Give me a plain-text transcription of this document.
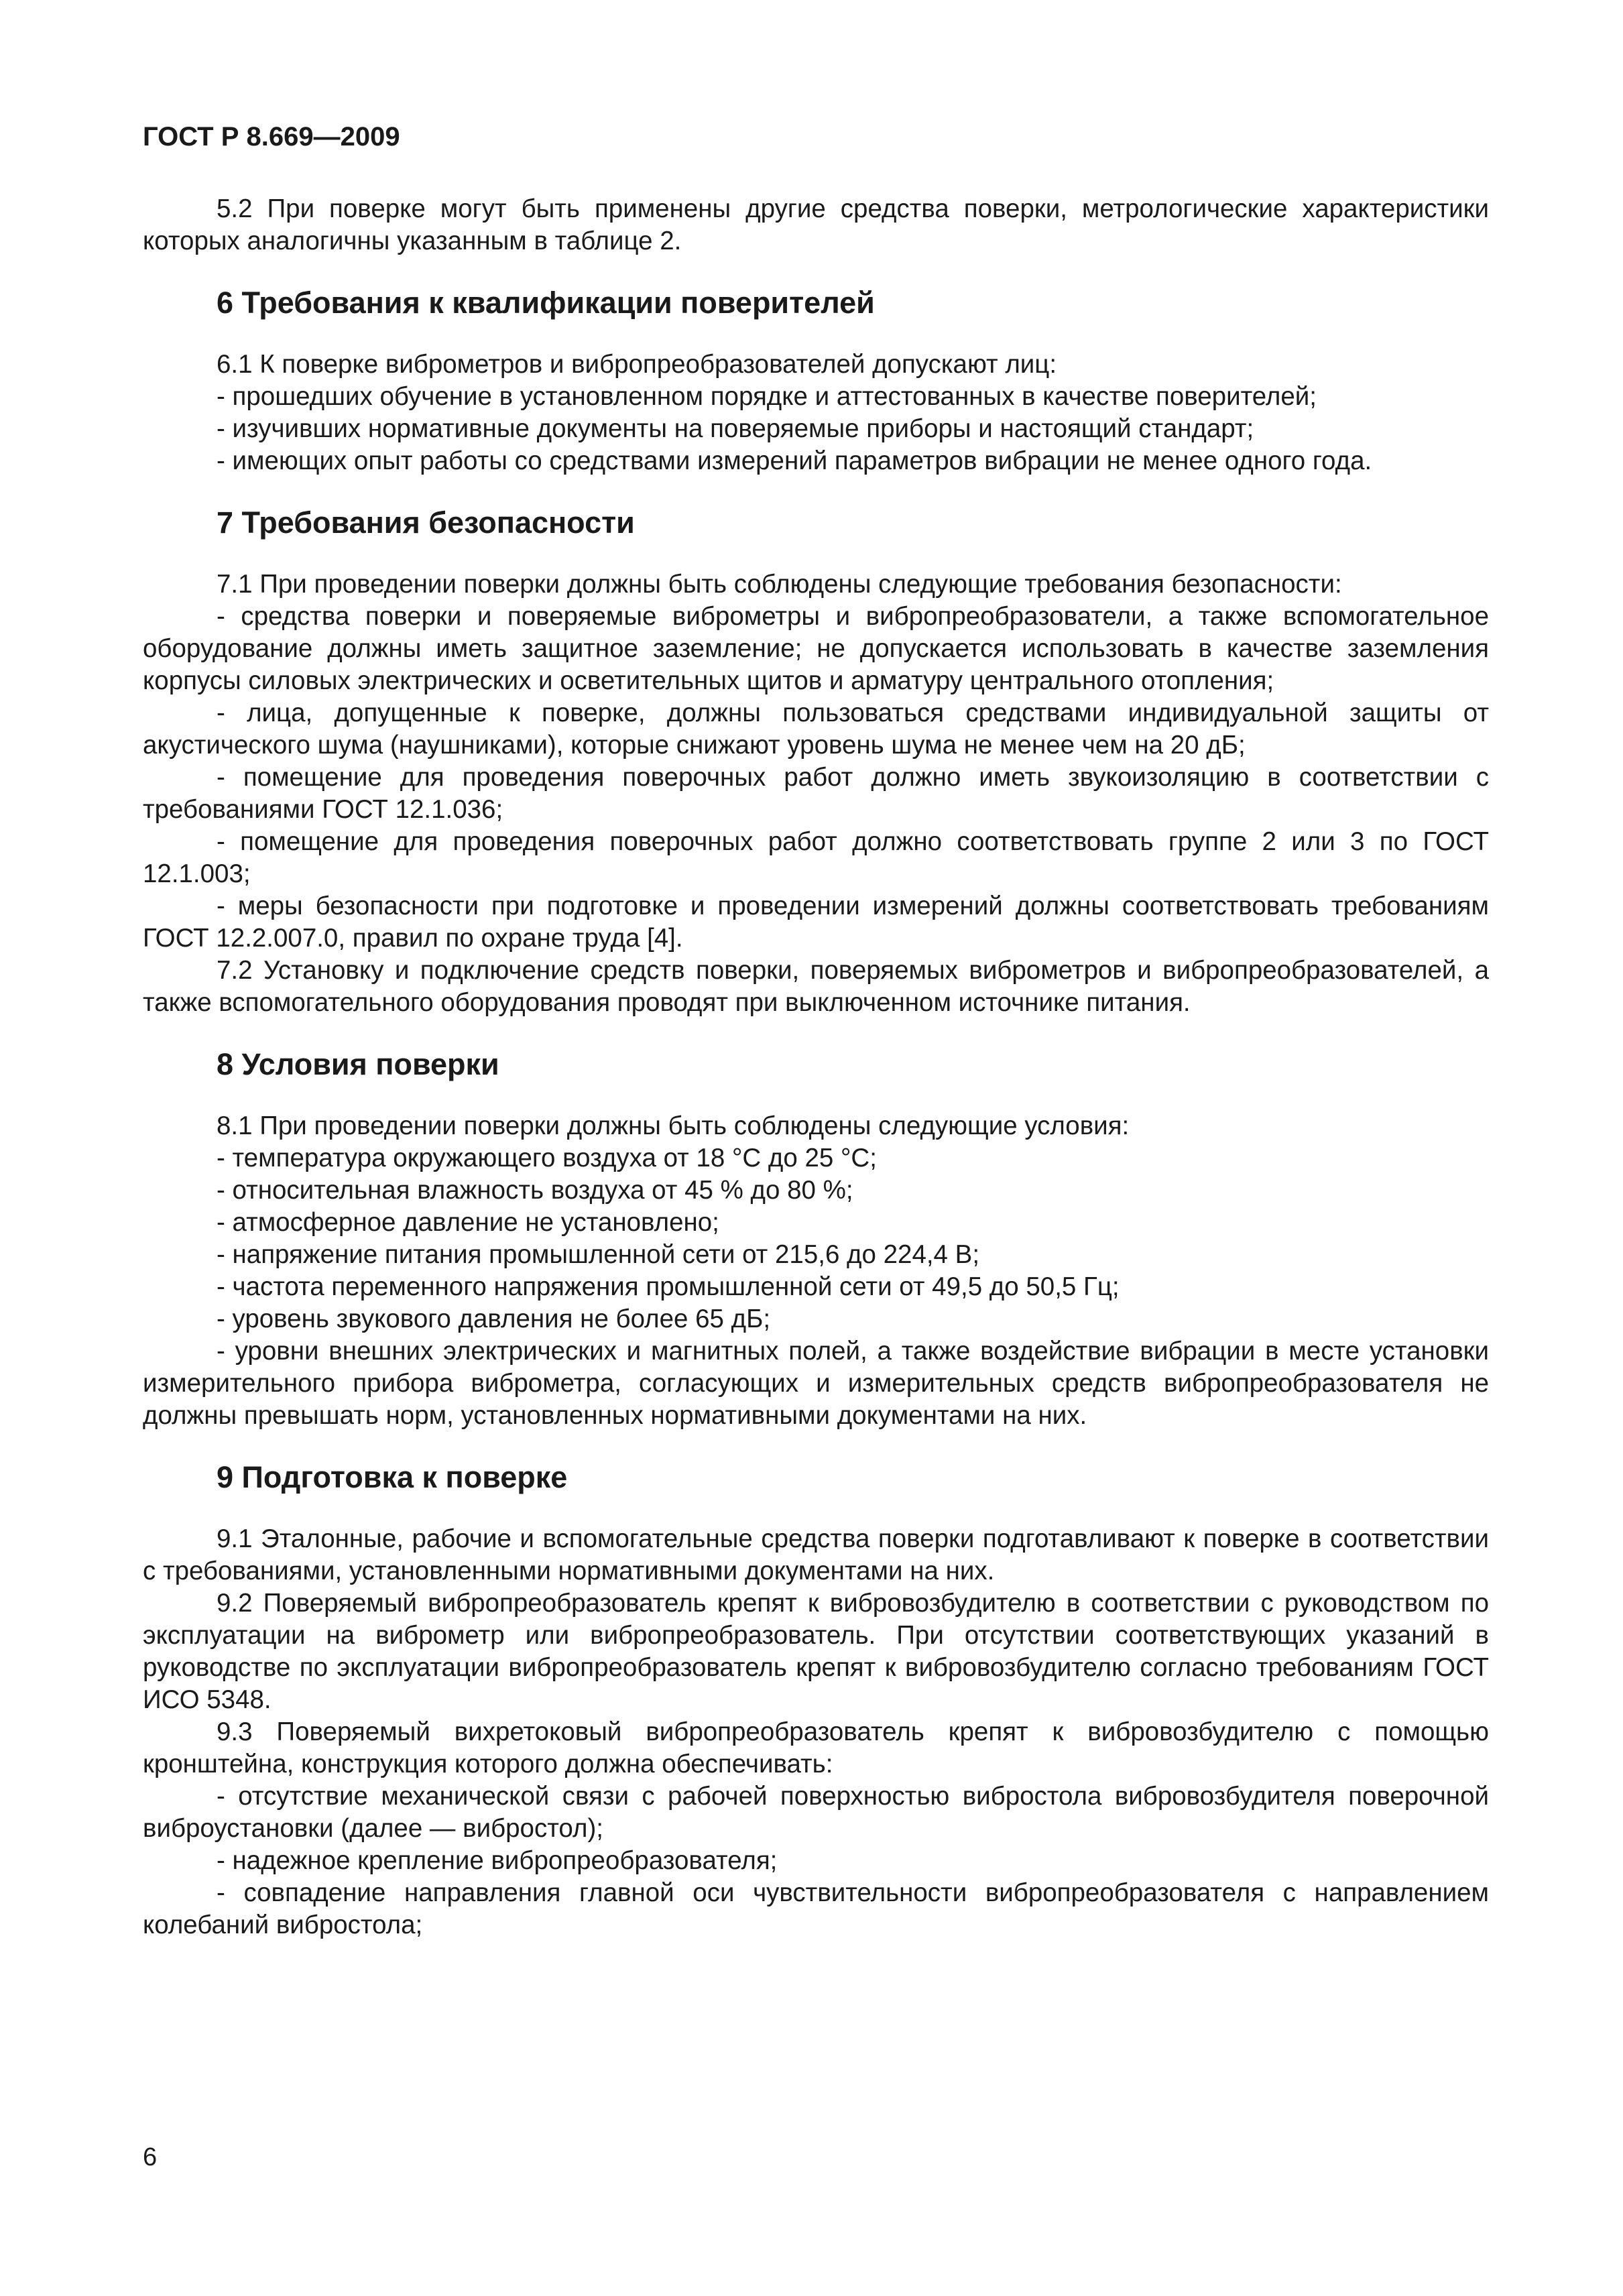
ГОСТ Р 8.669—2009

5.2 При поверке могут быть применены другие средства поверки, метрологические характеристики которых аналогичны указанным в таблице 2.

6 Требования к квалификации поверителей

6.1 К поверке виброметров и вибропреобразователей допускают лиц:

- прошедших обучение в установленном порядке и аттестованных в качестве поверителей;

- изучивших нормативные документы на поверяемые приборы и настоящий стандарт;

- имеющих опыт работы со средствами измерений параметров вибрации не менее одного года.

7 Требования безопасности

7.1 При проведении поверки должны быть соблюдены следующие требования безопасности:

- средства поверки и поверяемые виброметры и вибропреобразователи, а также вспомогательное оборудование должны иметь защитное заземление; не допускается использовать в качестве заземления корпусы силовых электрических и осветительных щитов и арматуру центрального отопления;

- лица, допущенные к поверке, должны пользоваться средствами индивидуальной защиты от акустического шума (наушниками), которые снижают уровень шума не менее чем на 20 дБ;

- помещение для проведения поверочных работ должно иметь звукоизоляцию в соответствии с требованиями ГОСТ 12.1.036;

- помещение для проведения поверочных работ должно соответствовать группе 2 или 3 по ГОСТ 12.1.003;

- меры безопасности при подготовке и проведении измерений должны соответствовать требованиям ГОСТ 12.2.007.0, правил по охране труда [4].

7.2 Установку и подключение средств поверки, поверяемых виброметров и вибропреобразователей, а также вспомогательного оборудования проводят при выключенном источнике питания.

8 Условия поверки

8.1 При проведении поверки должны быть соблюдены следующие условия:

- температура окружающего воздуха от 18 °С до 25 °С;

- относительная влажность воздуха от 45 % до 80 %;

- атмосферное давление не установлено;

- напряжение питания промышленной сети от 215,6 до 224,4 В;

- частота переменного напряжения промышленной сети от 49,5 до 50,5 Гц;

- уровень звукового давления не более 65 дБ;

- уровни внешних электрических и магнитных полей, а также воздействие вибрации в месте установки измерительного прибора виброметра, согласующих и измерительных средств вибропреобразователя не должны превышать норм, установленных нормативными документами на них.

9 Подготовка к поверке

9.1 Эталонные, рабочие и вспомогательные средства поверки подготавливают к поверке в соответствии с требованиями, установленными нормативными документами на них.

9.2 Поверяемый вибропреобразователь крепят к вибровозбудителю в соответствии с руководством по эксплуатации на виброметр или вибропреобразователь. При отсутствии соответствующих указаний в руководстве по эксплуатации вибропреобразователь крепят к вибровозбудителю согласно требованиям ГОСТ ИСО 5348.

9.3 Поверяемый вихретоковый вибропреобразователь крепят к вибровозбудителю с помощью кронштейна, конструкция которого должна обеспечивать:

- отсутствие механической связи с рабочей поверхностью вибростола вибровозбудителя поверочной виброустановки (далее — вибростол);

- надежное крепление вибропреобразователя;

- совпадение направления главной оси чувствительности вибропреобразователя с направлением колебаний вибростола;

6
